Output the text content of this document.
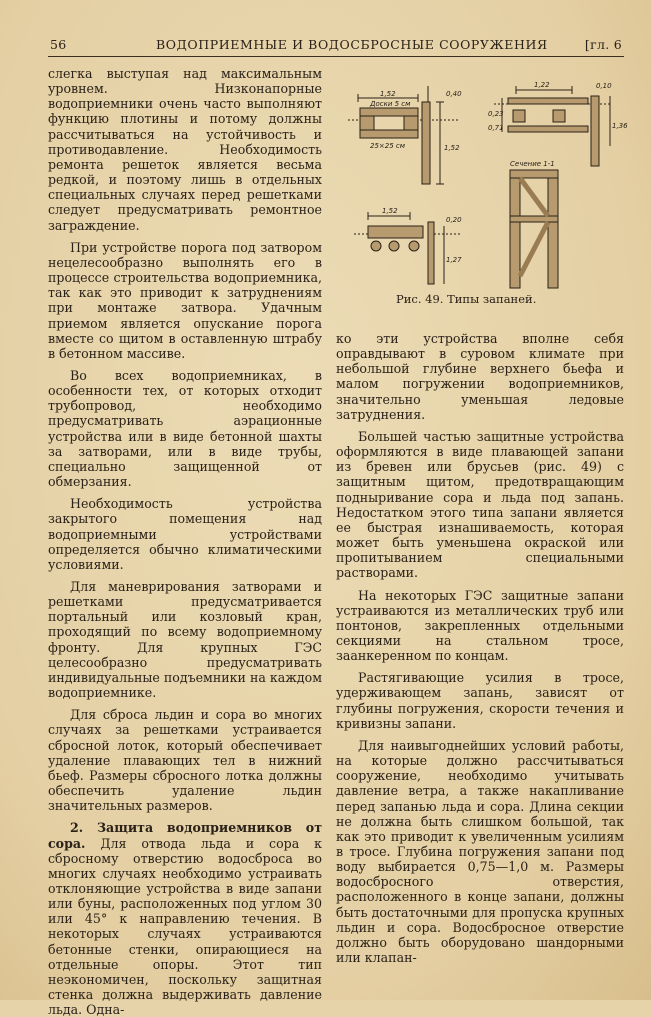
56	ВОДОПРИЕМНЫЕ И ВОДОСБРОСНЫЕ СООРУЖЕНИЯ	[гл. 6

слегка выступая над максимальным уровнем. Низконапорные водоприемники очень часто выполняют функцию плотины и потому должны рассчитываться на устойчивость и противодавление. Необходимость ремонта решеток является весьма редкой, и поэтому лишь в отдельных специальных случаях перед решетками следует предусматривать ремонтное заграждение.

При устройстве порога под затвором нецелесообразно выполнять его в процессе строительства водоприемника, так как это приводит к затруднениям при монтаже затвора. Удачным приемом является опускание порога вместе со щитом в оставленную штрабу в бетонном массиве.

Во всех водоприемниках, в особенности тех, от которых отходит трубопровод, необходимо предусматривать аэрационные устройства или в виде бетонной шахты за затворами, или в виде трубы, специально защищенной от обмерзания.

Необходимость устройства закрытого помещения над водоприемными устройствами определяется обычно климатическими условиями.

Для маневрирования затворами и решетками предусматривается портальный или козловый кран, проходящий по всему водоприемному фронту. Для крупных ГЭС целесообразно предусматривать индивидуальные подъемники на каждом водоприемнике.

Для сброса льдин и сора во многих случаях за решетками устраивается сбросной лоток, который обеспечивает удаление плавающих тел в нижний бьеф. Размеры сбросного лотка должны обеспечить удаление льдин значительных размеров.

2. Защита водоприемников от сора. Для отвода льда и сора к сбросному отверстию водосброса во многих случаях необходимо устраивать отклоняющие устройства в виде запани или буны, расположенных под углом 30 или 45° к направлению течения. В некоторых случаях устраиваются бетонные стенки, опирающиеся на отдельные опоры. Этот тип неэкономичен, поскольку защитная стенка должна выдерживать давление льда. Одна-

1,52
Доски 5 см
0,40
25×25 см	1,52
1,22	0,10
0,23
0,71	1,36
Сечение 1-1
1,52
0,20
1,27
Рис. 49. Типы запаней.

ко эти устройства вполне себя оправдывают в суровом климате при небольшой глубине верхнего бьефа и малом погружении водоприемников, значительно уменьшая ледовые затруднения.

Большей частью защитные устройства оформляются в виде плавающей запани из бревен или брусьев (рис. 49) с защитным щитом, предотвращающим подныривание сора и льда под запань. Недостатком этого типа запани является ее быстрая изнашиваемость, которая может быть уменьшена окраской или пропитыванием специальными растворами.

На некоторых ГЭС защитные запани устраиваются из металлических труб или понтонов, закрепленных отдельными секциями на стальном тросе, заанкеренном по концам.

Растягивающие усилия в тросе, удерживающем запань, зависят от глубины погружения, скорости течения и кривизны запани.

Для наивыгоднейших условий работы, на которые должно рассчитываться сооружение, необходимо учитывать давление ветра, а также накапливание перед запанью льда и сора. Длина секции не должна быть слишком большой, так как это приводит к увеличенным усилиям в тросе. Глубина погружения запани под воду выбирается 0,75—1,0 м. Размеры водосбросного отверстия, расположенного в конце запани, должны быть достаточными для пропуска крупных льдин и сора. Водосбросное отверстие должно быть оборудовано шандорными или клапан-
